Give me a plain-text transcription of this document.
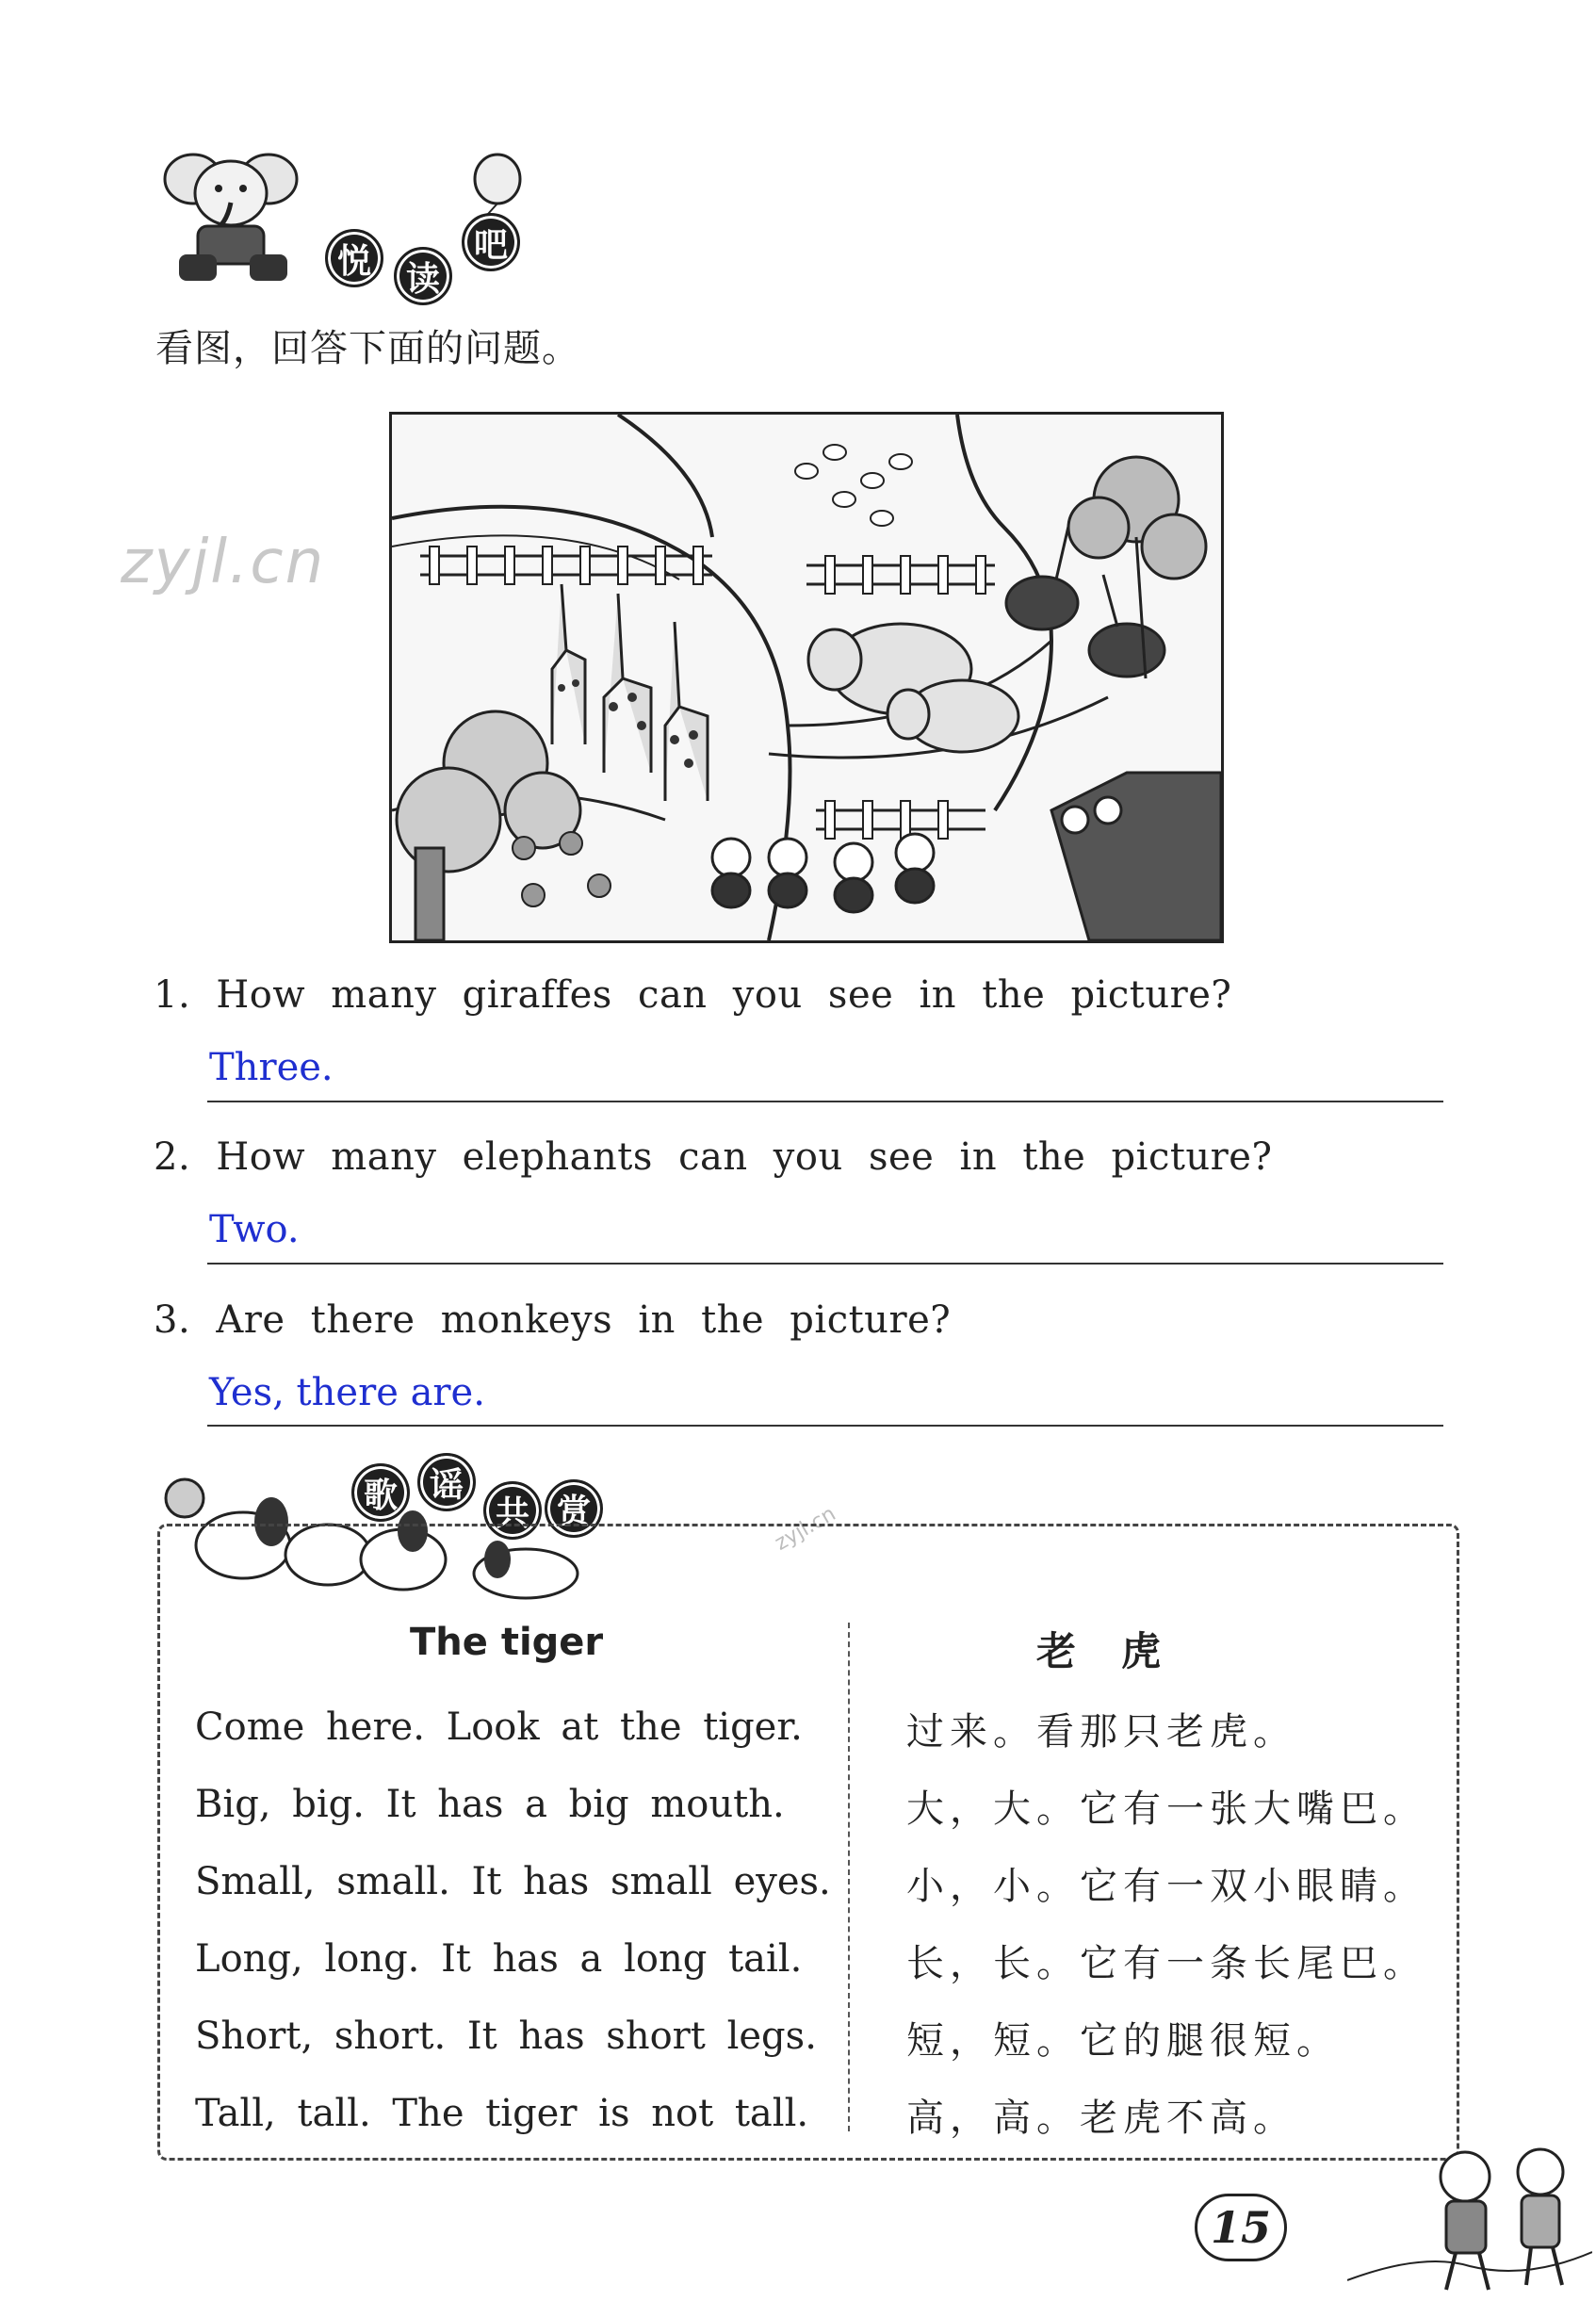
悦	读
吧
看图，回答下面的问题。
zyjl.cn
1. How many giraffes can you see in the picture?
Three.
2. How many elephants can you see in the picture?
Two.
3. Are there monkeys in the picture?
Yes, there are.
歌 谣
共 赏	zyjl.cn
The tiger	老虎
Come here. Look at the tiger.
Big, big. It has a big mouth.
Small, small. It has small eyes.
Long, long. It has a long tail.
Short, short. It has short legs.
Tall, tall. The tiger is not tall.
过来。看那只老虎。
大，大。它有一张大嘴巴。
小，小。它有一双小眼睛。
长，长。它有一条长尾巴。
短，短。它的腿很短。
高，高。老虎不高。
15
